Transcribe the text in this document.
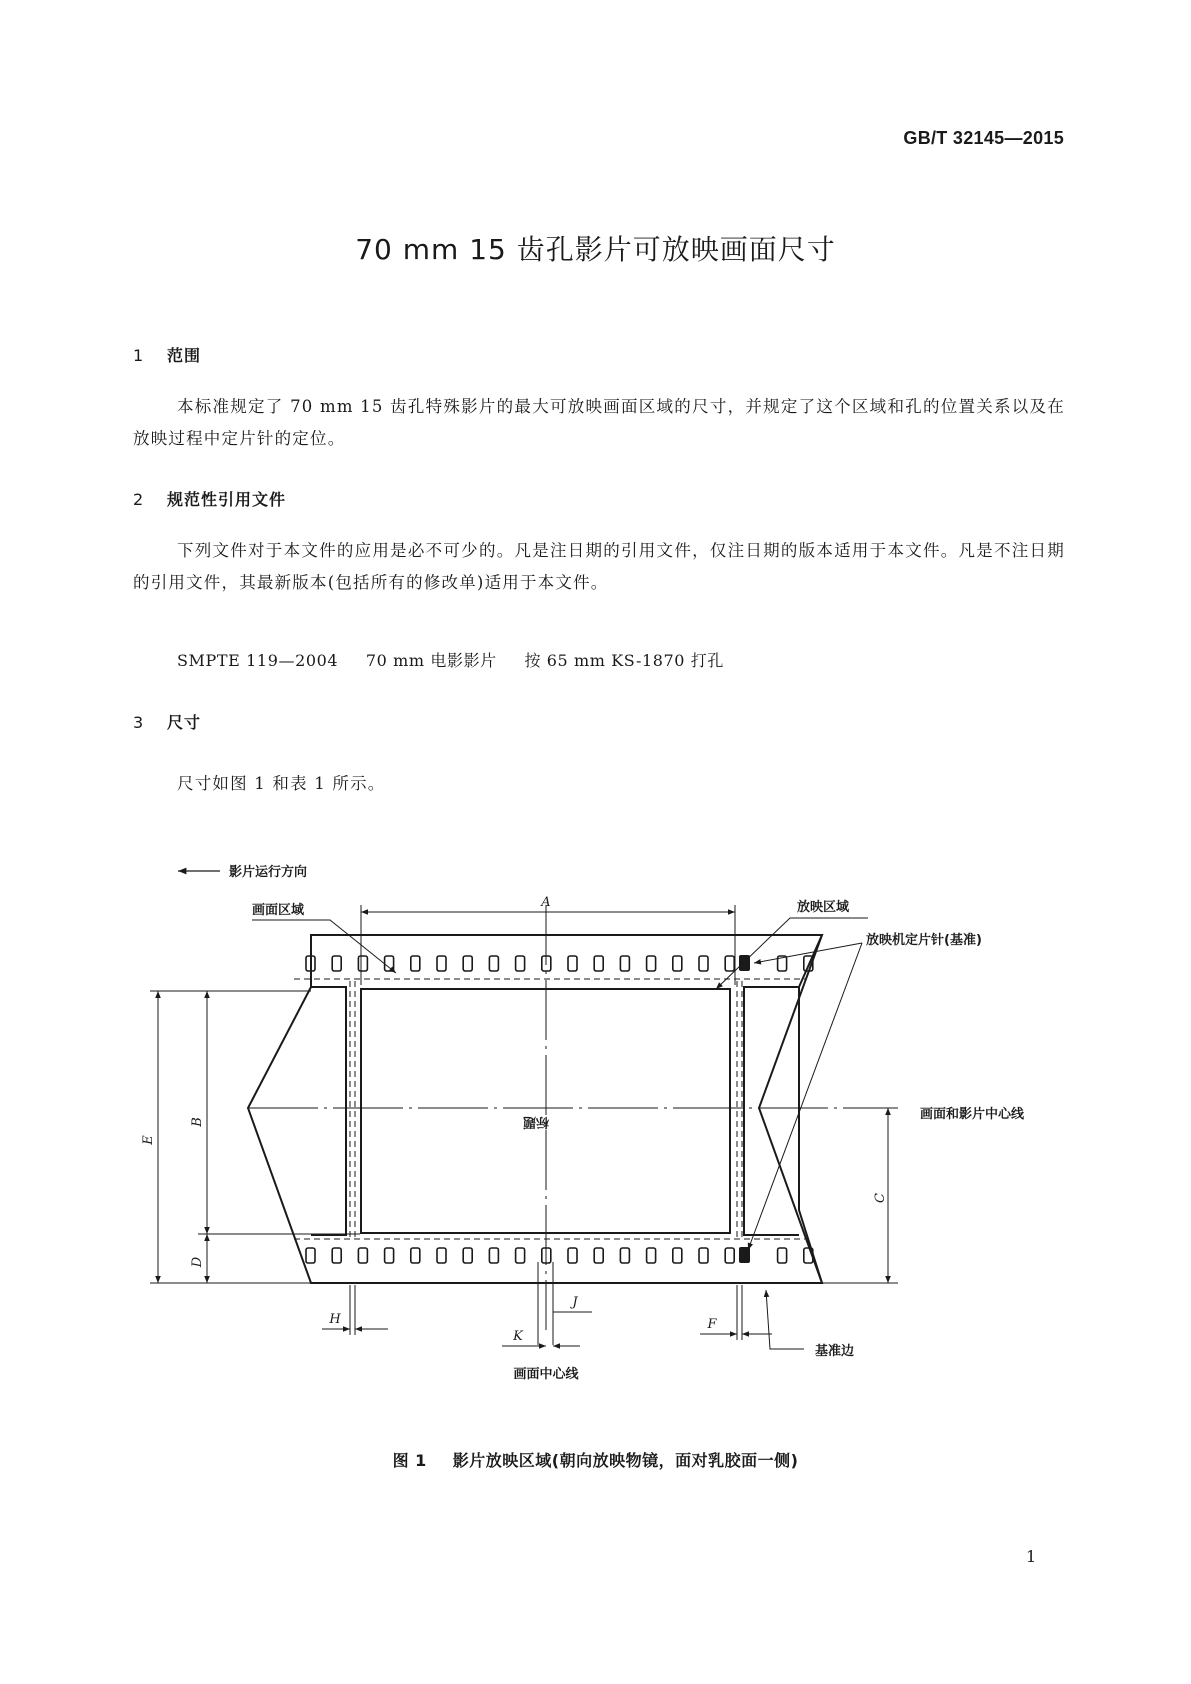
GB/T 32145—2015
70 mm 15 齿孔影片可放映画面尺寸
1 范围
本标准规定了 70 mm 15 齿孔特殊影片的最大可放映画面区域的尺寸，并规定了这个区域和孔的位置关系以及在放映过程中定片针的定位。
2 规范性引用文件
下列文件对于本文件的应用是必不可少的。凡是注日期的引用文件，仅注日期的版本适用于本文件。凡是不注日期的引用文件，其最新版本(包括所有的修改单)适用于本文件。
SMPTE 119—2004 70 mm 电影影片 按 65 mm KS-1870 打孔
3 尺寸
尺寸如图 1 和表 1 所示。
影片运行方向
标题
A
E
B
D
C
H	F
J
K
画面区域	放映区域
放映机定片针(基准)
画面和影片中心线
基准边
画面中心线
图 1 影片放映区域(朝向放映物镜，面对乳胶面一侧)
1
